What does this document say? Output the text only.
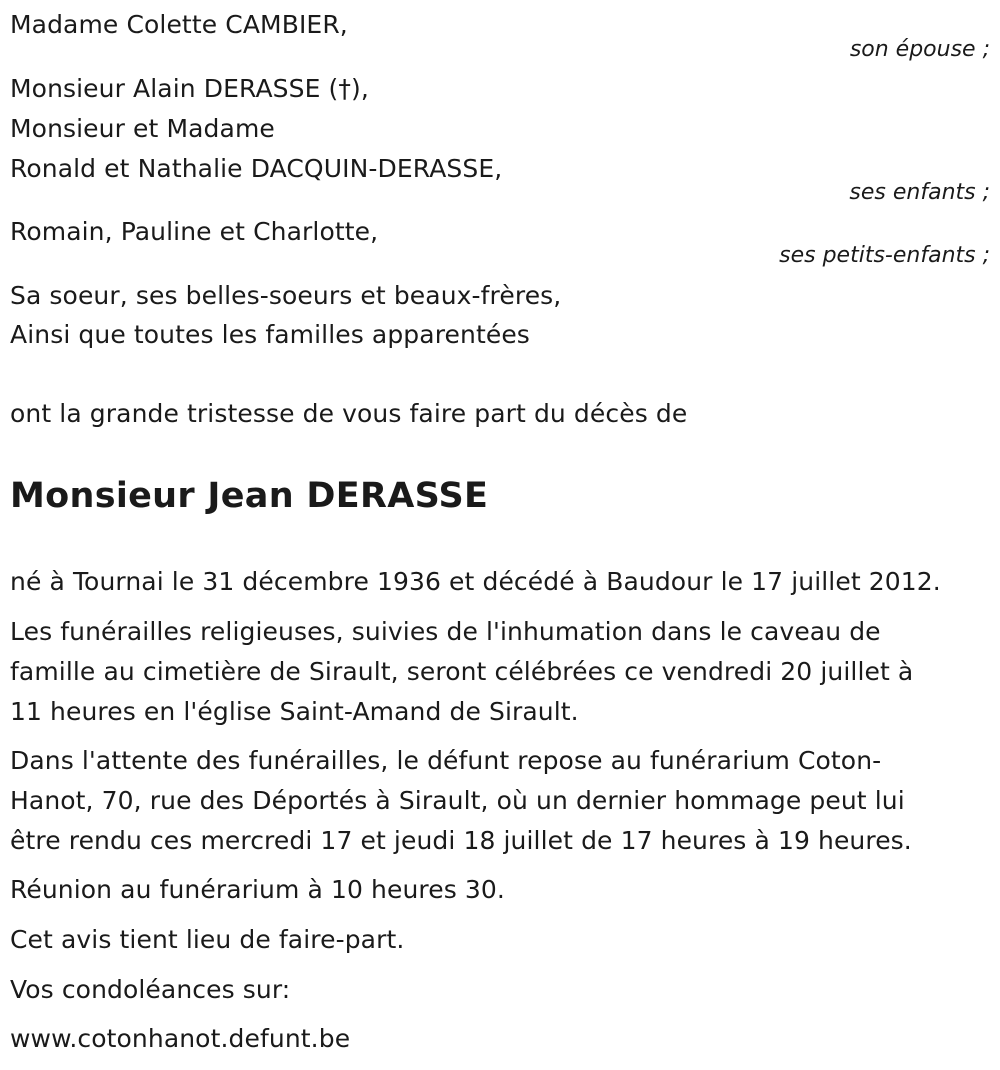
Madame Colette CAMBIER,
son épouse ;
Monsieur Alain DERASSE (†),
Monsieur et Madame
Ronald et Nathalie DACQUIN-DERASSE,
ses enfants ;
Romain, Pauline et Charlotte,
ses petits-enfants ;
Sa soeur, ses belles-soeurs et beaux-frères,
Ainsi que toutes les familles apparentées
ont la grande tristesse de vous faire part du décès de
Monsieur Jean DERASSE
né à Tournai le 31 décembre 1936 et décédé à Baudour le 17 juillet 2012.
Les funérailles religieuses, suivies de l'inhumation dans le caveau de
famille au cimetière de Sirault, seront célébrées ce vendredi 20 juillet à
11 heures en l'église Saint-Amand de Sirault.
Dans l'attente des funérailles, le défunt repose au funérarium Coton-
Hanot, 70, rue des Déportés à Sirault, où un dernier hommage peut lui
être rendu ces mercredi 17 et jeudi 18 juillet de 17 heures à 19 heures.
Réunion au funérarium à 10 heures 30.
Cet avis tient lieu de faire-part.
Vos condoléances sur:
www.cotonhanot.defunt.be
